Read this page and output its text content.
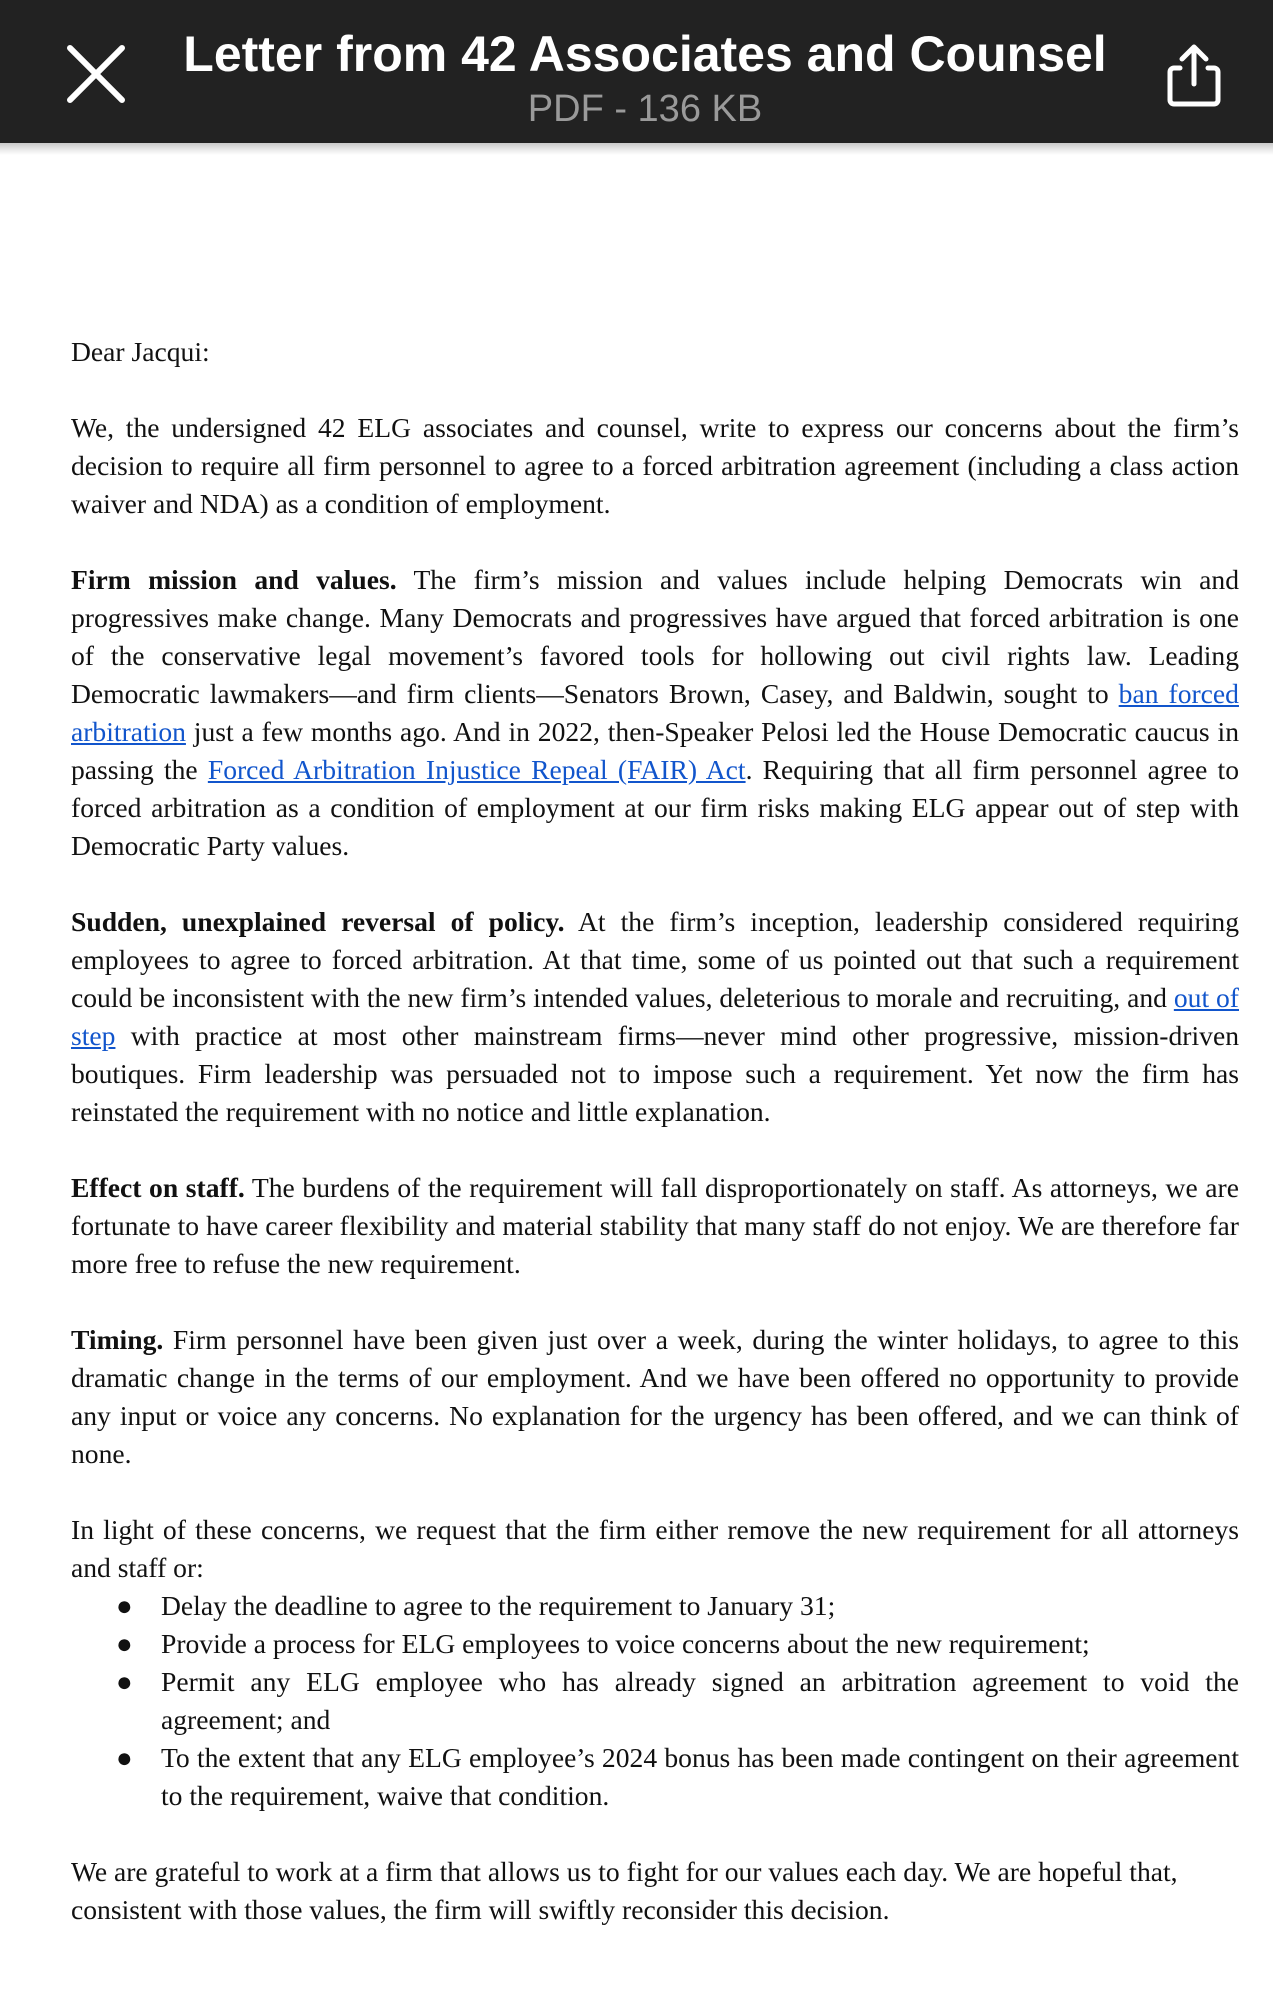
Letter from 42 Associates and Counsel
PDF - 136 KB

Dear Jacqui:

We, the undersigned 42 ELG associates and counsel, write to express our concerns about the firm’s decision to require all firm personnel to agree to a forced arbitration agreement (including a class action waiver and NDA) as a condition of employment.

Firm mission and values. The firm’s mission and values include helping Democrats win and progressives make change. Many Democrats and progressives have argued that forced arbitration is one of the conservative legal movement’s favored tools for hollowing out civil rights law. Leading Democratic lawmakers—and firm clients—Senators Brown, Casey, and Baldwin, sought to ban forced arbitration just a few months ago. And in 2022, then-Speaker Pelosi led the House Democratic caucus in passing the Forced Arbitration Injustice Repeal (FAIR) Act. Requiring that all firm personnel agree to forced arbitration as a condition of employment at our firm risks making ELG appear out of step with Democratic Party values.

Sudden, unexplained reversal of policy. At the firm’s inception, leadership considered requiring employees to agree to forced arbitration. At that time, some of us pointed out that such a requirement could be inconsistent with the new firm’s intended values, deleterious to morale and recruiting, and out of step with practice at most other mainstream firms—never mind other progressive, mission-driven boutiques. Firm leadership was persuaded not to impose such a requirement. Yet now the firm has reinstated the requirement with no notice and little explanation.

Effect on staff. The burdens of the requirement will fall disproportionately on staff. As attorneys, we are fortunate to have career flexibility and material stability that many staff do not enjoy. We are therefore far more free to refuse the new requirement.

Timing. Firm personnel have been given just over a week, during the winter holidays, to agree to this dramatic change in the terms of our employment. And we have been offered no opportunity to provide any input or voice any concerns. No explanation for the urgency has been offered, and we can think of none.

In light of these concerns, we request that the firm either remove the new requirement for all attorneys and staff or:

● Delay the deadline to agree to the requirement to January 31;
● Provide a process for ELG employees to voice concerns about the new requirement;
● Permit any ELG employee who has already signed an arbitration agreement to void the agreement; and
● To the extent that any ELG employee’s 2024 bonus has been made contingent on their agreement to the requirement, waive that condition.

We are grateful to work at a firm that allows us to fight for our values each day. We are hopeful that, consistent with those values, the firm will swiftly reconsider this decision.
